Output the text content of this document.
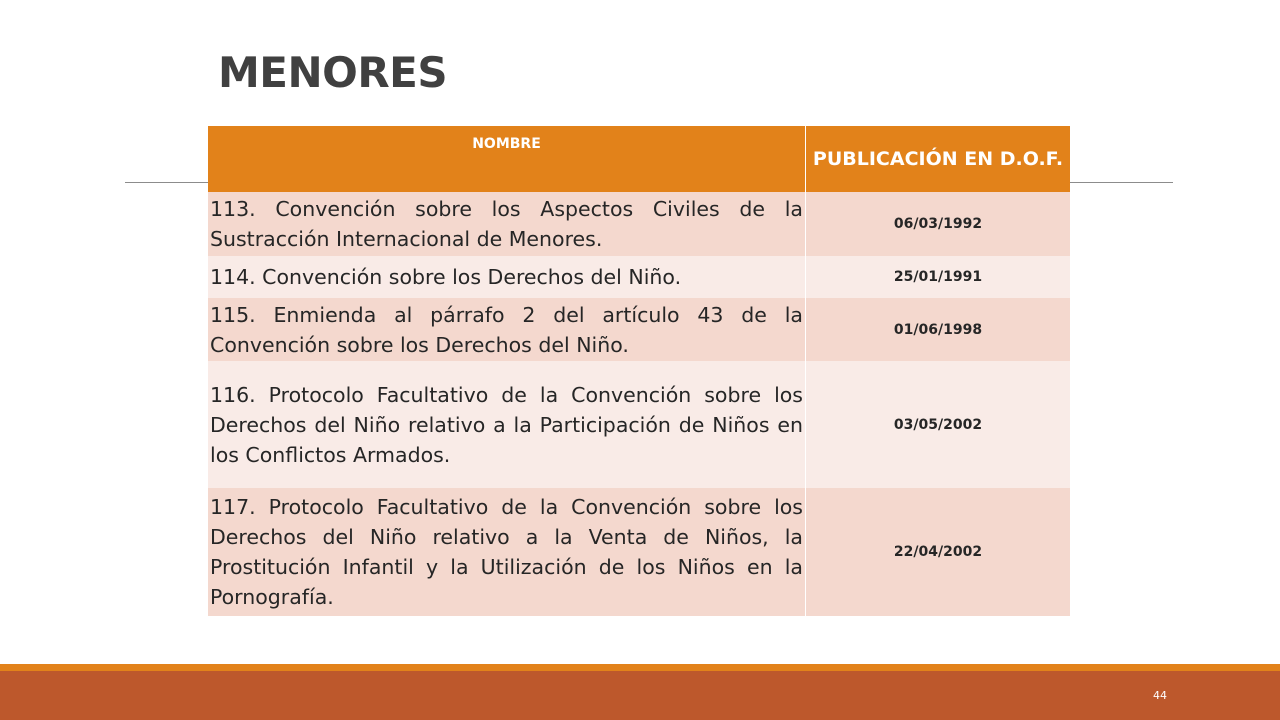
MENORES
NOMBRE
PUBLICACIÓN EN D.O.F.
113. Convención sobre los Aspectos Civiles de la Sustracción Internacional de Menores.
06/03/1992
114. Convención sobre los Derechos del Niño.	25/01/1991
115. Enmienda al párrafo 2 del artículo 43 de la Convención sobre los Derechos del Niño.
01/06/1998
116. Protocolo Facultativo de la Convención sobre los Derechos del Niño relativo a la Participación de Niños en los Conflictos Armados.
03/05/2002
117. Protocolo Facultativo de la Convención sobre los Derechos del Niño relativo a la Venta de Niños, la Prostitución Infantil y la Utilización de los Niños en la Pornografía.
22/04/2002
44
